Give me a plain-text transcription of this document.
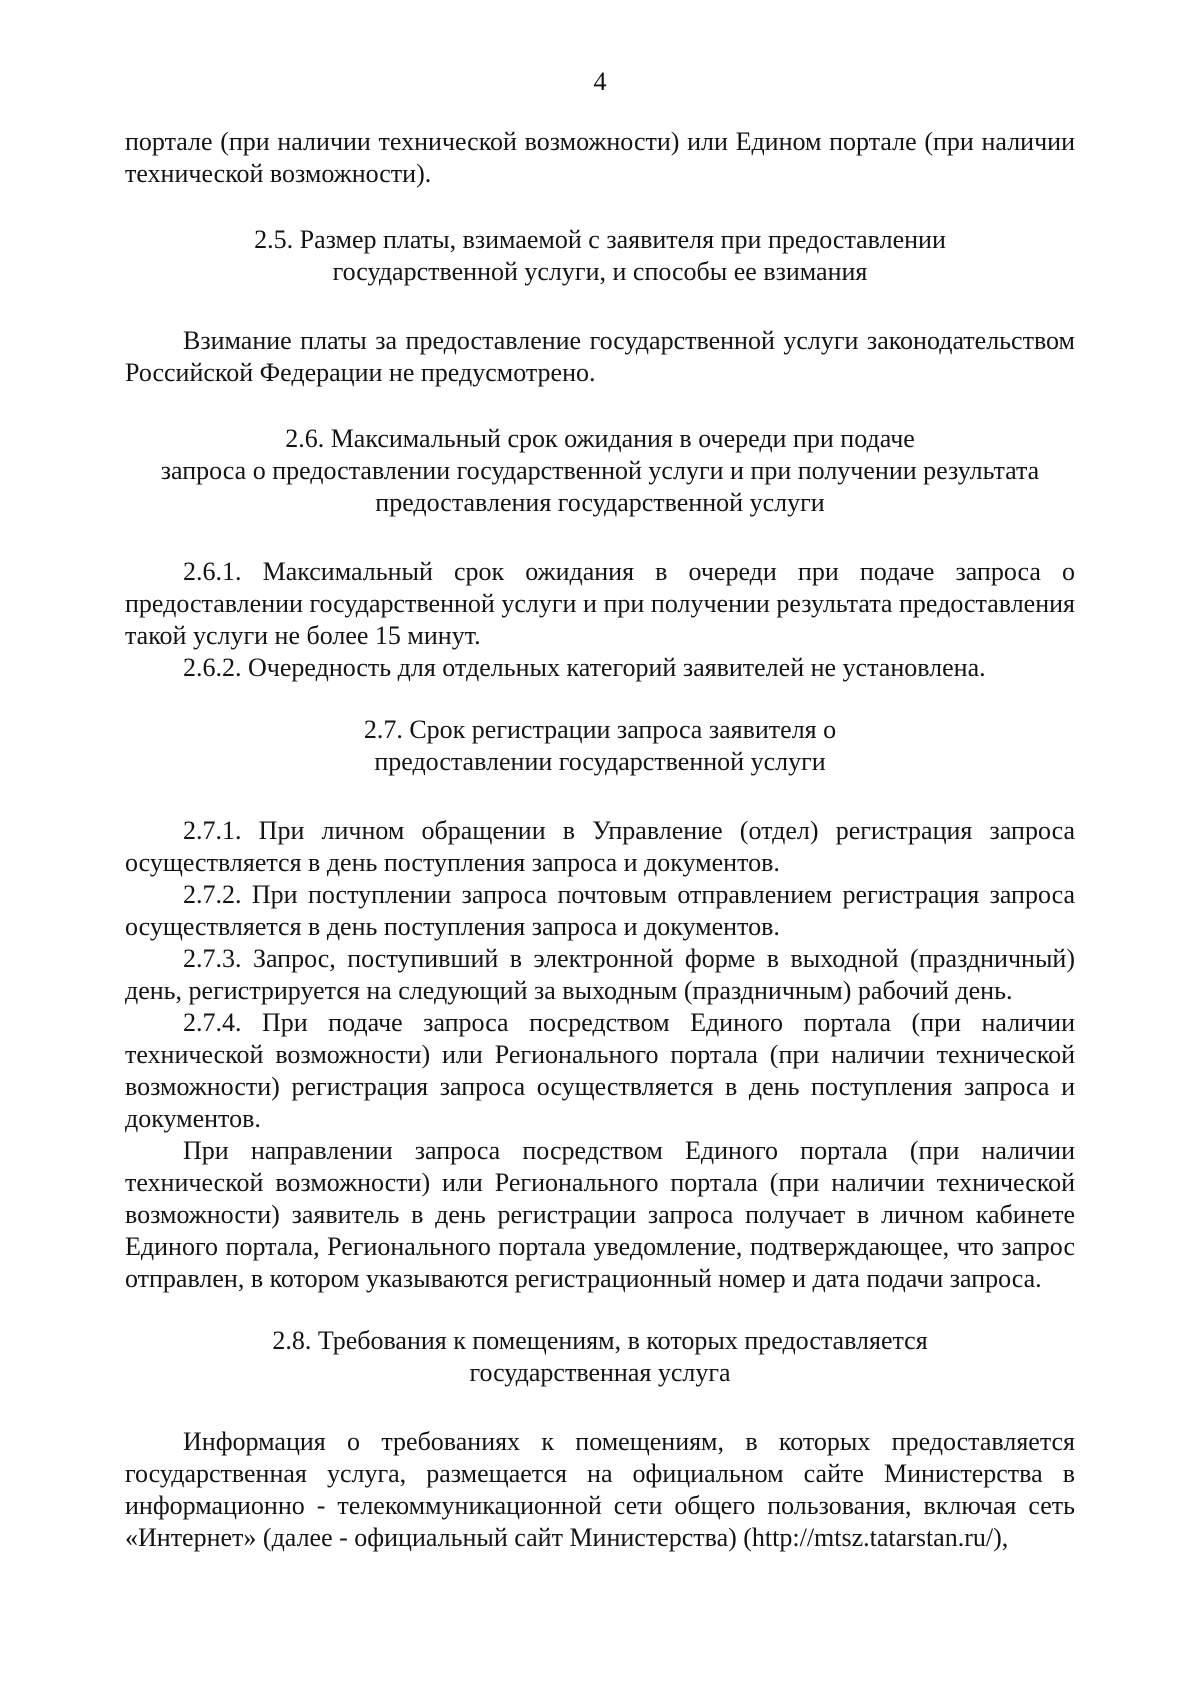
4

портале (при наличии технической возможности) или Едином портале (при наличии технической возможности).

2.5. Размер платы, взимаемой с заявителя при предоставлении
государственной услуги, и способы ее взимания

Взимание платы за предоставление государственной услуги законодательством Российской Федерации не предусмотрено.

2.6. Максимальный срок ожидания в очереди при подаче
запроса о предоставлении государственной услуги и при получении результата
предоставления государственной услуги

2.6.1. Максимальный срок ожидания в очереди при подаче запроса о предоставлении государственной услуги и при получении результата предоставления такой услуги не более 15 минут.

2.6.2. Очередность для отдельных категорий заявителей не установлена.

2.7. Срок регистрации запроса заявителя о
предоставлении государственной услуги

2.7.1. При личном обращении в Управление (отдел) регистрация запроса осуществляется в день поступления запроса и документов.

2.7.2. При поступлении запроса почтовым отправлением регистрация запроса осуществляется в день поступления запроса и документов.

2.7.3. Запрос, поступивший в электронной форме в выходной (праздничный) день, регистрируется на следующий за выходным (праздничным) рабочий день.

2.7.4. При подаче запроса посредством Единого портала (при наличии технической возможности) или Регионального портала (при наличии технической возможности) регистрация запроса осуществляется в день поступления запроса и документов.

При направлении запроса посредством Единого портала (при наличии технической возможности) или Регионального портала (при наличии технической возможности) заявитель в день регистрации запроса получает в личном кабинете Единого портала, Регионального портала уведомление, подтверждающее, что запрос отправлен, в котором указываются регистрационный номер и дата подачи запроса.

2.8. Требования к помещениям, в которых предоставляется
государственная услуга

Информация о требованиях к помещениям, в которых предоставляется государственная услуга, размещается на официальном сайте Министерства в информационно - телекоммуникационной сети общего пользования, включая сеть «Интернет» (далее - официальный сайт Министерства) (http://mtsz.tatarstan.ru/),
